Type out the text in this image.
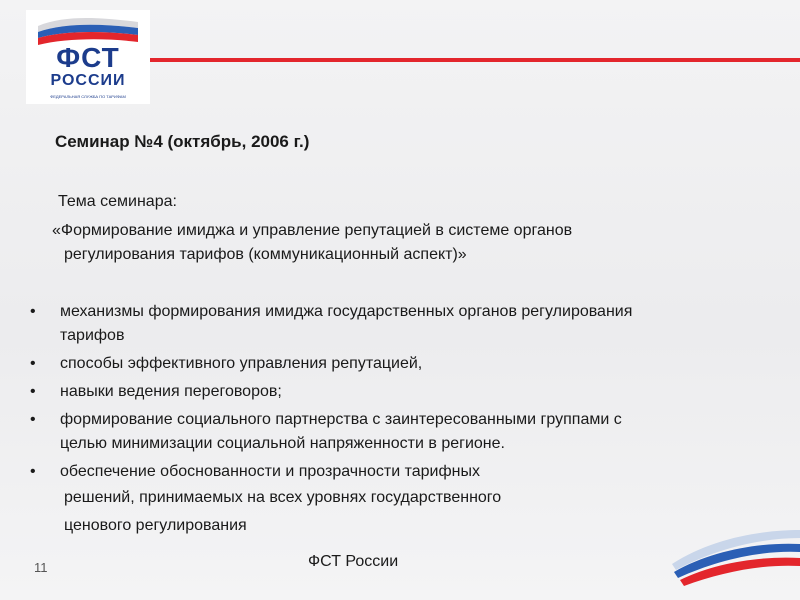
ФСТ
РОССИИ
ФЕДЕРАЛЬНАЯ СЛУЖБА ПО ТАРИФАМ
Семинар №4 (октябрь, 2006 г.)
Тема семинара:
«Формирование имиджа и управление репутацией в системе органов
регулирования тарифов (коммуникационный аспект)»
• механизмы формирования имиджа государственных органов регулирования
тарифов
• способы эффективного управления репутацией,
• навыки ведения переговоров;
• формирование социального партнерства с заинтересованными группами с
целью минимизации социальной напряженности в регионе.
• обеспечение обоснованности и прозрачности тарифных
решений, принимаемых на всех уровнях государственного
ценового регулирования
ФСТ России
11
